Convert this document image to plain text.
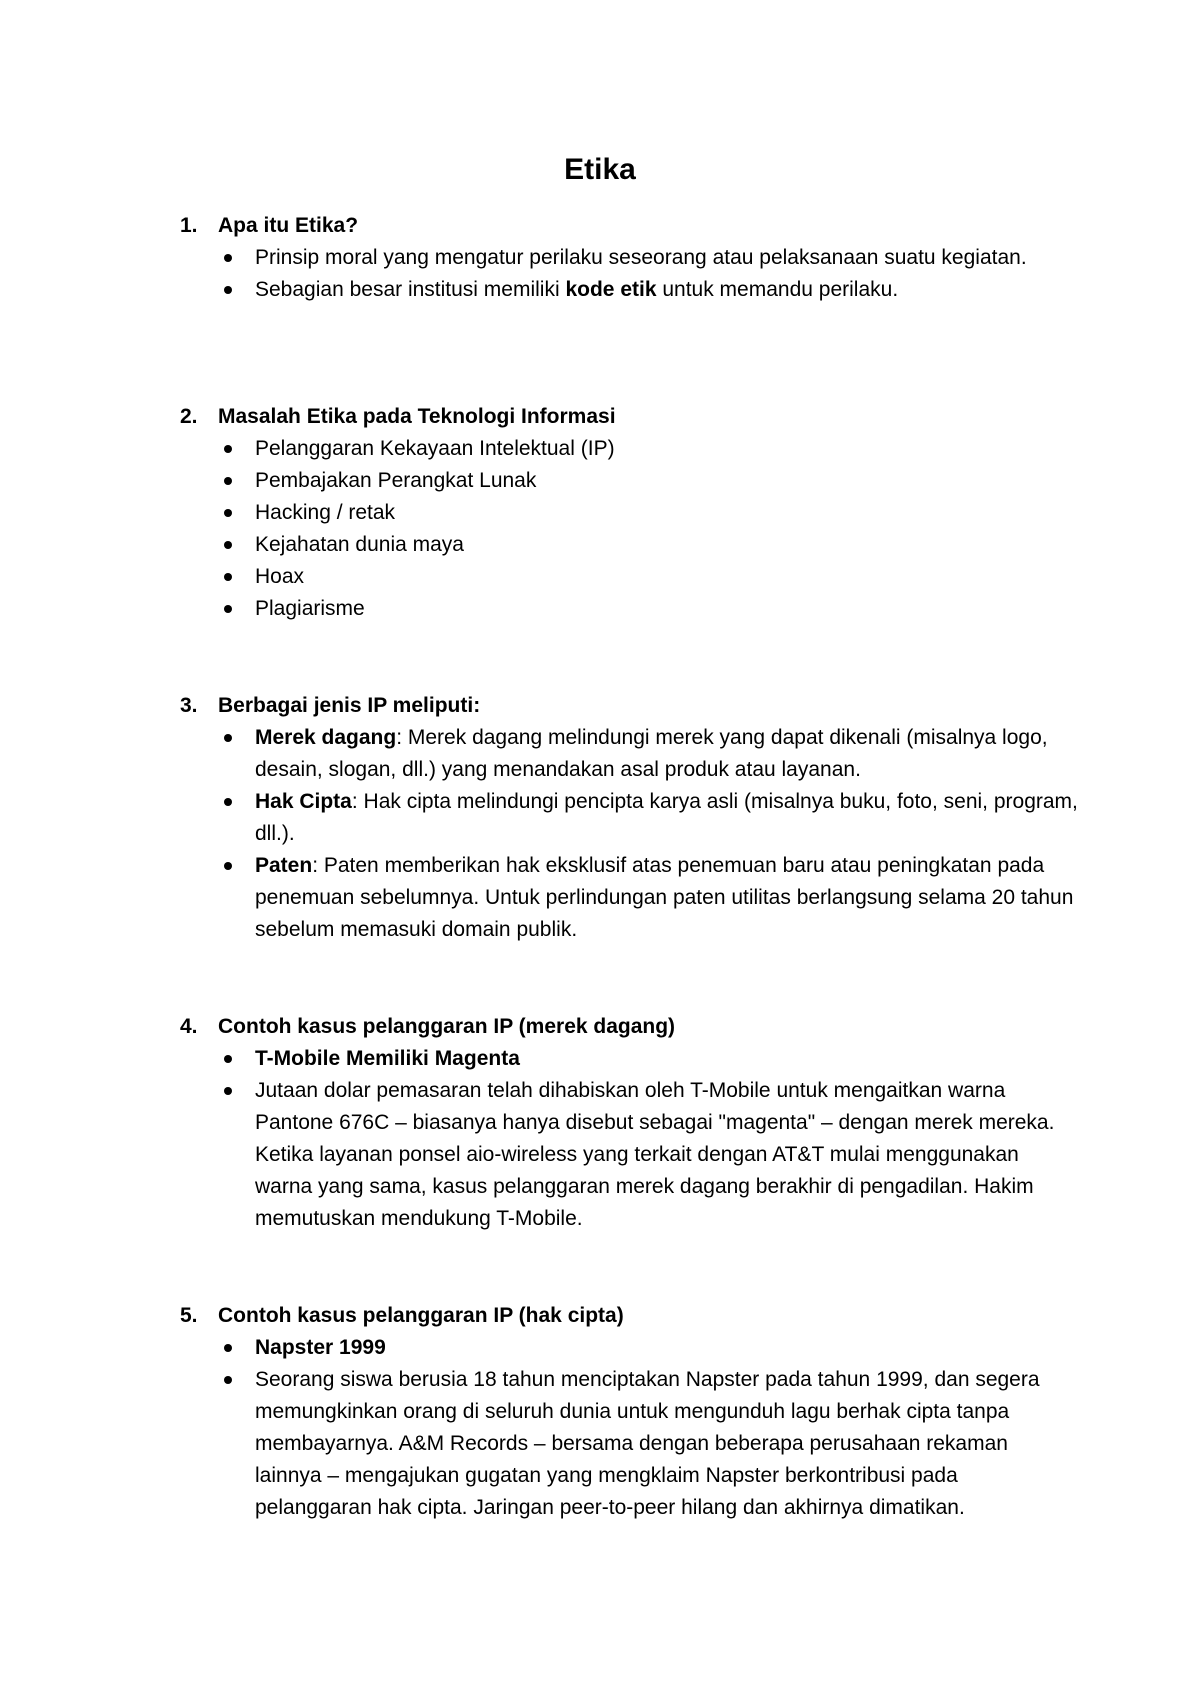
Etika
1. Apa itu Etika?
Prinsip moral yang mengatur perilaku seseorang atau pelaksanaan suatu kegiatan.
Sebagian besar institusi memiliki kode etik untuk memandu perilaku.
2. Masalah Etika pada Teknologi Informasi
Pelanggaran Kekayaan Intelektual (IP)
Pembajakan Perangkat Lunak
Hacking / retak
Kejahatan dunia maya
Hoax
Plagiarisme
3. Berbagai jenis IP meliputi:
Merek dagang: Merek dagang melindungi merek yang dapat dikenali (misalnya logo, desain, slogan, dll.) yang menandakan asal produk atau layanan.
Hak Cipta: Hak cipta melindungi pencipta karya asli (misalnya buku, foto, seni, program, dll.).
Paten: Paten memberikan hak eksklusif atas penemuan baru atau peningkatan pada penemuan sebelumnya. Untuk perlindungan paten utilitas berlangsung selama 20 tahun sebelum memasuki domain publik.
4. Contoh kasus pelanggaran IP (merek dagang)
T-Mobile Memiliki Magenta
Jutaan dolar pemasaran telah dihabiskan oleh T-Mobile untuk mengaitkan warna Pantone 676C – biasanya hanya disebut sebagai "magenta" – dengan merek mereka. Ketika layanan ponsel aio-wireless yang terkait dengan AT&T mulai menggunakan warna yang sama, kasus pelanggaran merek dagang berakhir di pengadilan. Hakim memutuskan mendukung T-Mobile.
5. Contoh kasus pelanggaran IP (hak cipta)
Napster 1999
Seorang siswa berusia 18 tahun menciptakan Napster pada tahun 1999, dan segera memungkinkan orang di seluruh dunia untuk mengunduh lagu berhak cipta tanpa membayarnya. A&M Records – bersama dengan beberapa perusahaan rekaman lainnya – mengajukan gugatan yang mengklaim Napster berkontribusi pada pelanggaran hak cipta. Jaringan peer-to-peer hilang dan akhirnya dimatikan.
